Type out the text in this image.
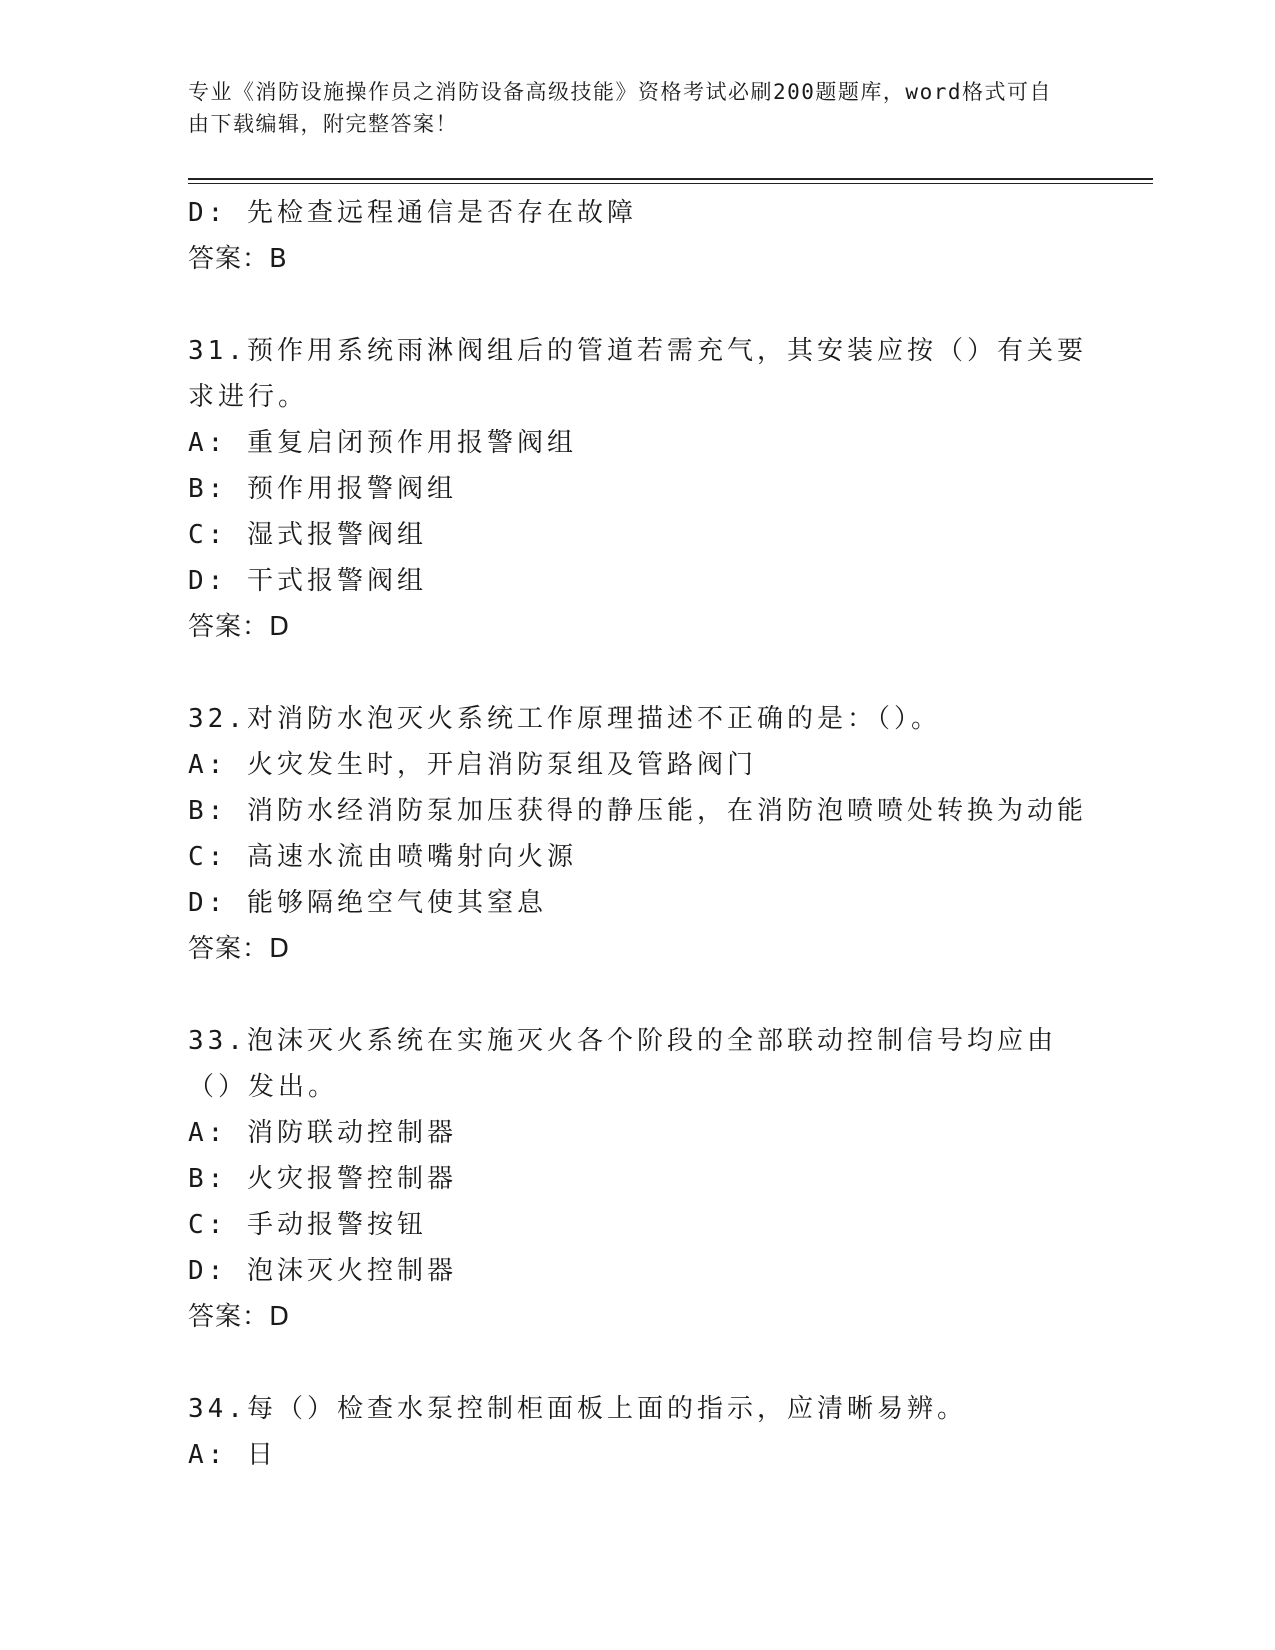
专业《消防设施操作员之消防设备高级技能》资格考试必刷200题题库，word格式可自由下载编辑，附完整答案！
D: 先检查远程通信是否存在故障
答案：B
31.预作用系统雨淋阀组后的管道若需充气，其安装应按（）有关要求进行。
A: 重复启闭预作用报警阀组
B: 预作用报警阀组
C: 湿式报警阀组
D: 干式报警阀组
答案：D
32.对消防水泡灭火系统工作原理描述不正确的是：（）。
A: 火灾发生时，开启消防泵组及管路阀门
B: 消防水经消防泵加压获得的静压能，在消防泡喷喷处转换为动能
C: 高速水流由喷嘴射向火源
D: 能够隔绝空气使其窒息
答案：D
33.泡沫灭火系统在实施灭火各个阶段的全部联动控制信号均应由（）发出。
A: 消防联动控制器
B: 火灾报警控制器
C: 手动报警按钮
D: 泡沫灭火控制器
答案：D
34.每（）检查水泵控制柜面板上面的指示，应清晰易辨。
A: 日
